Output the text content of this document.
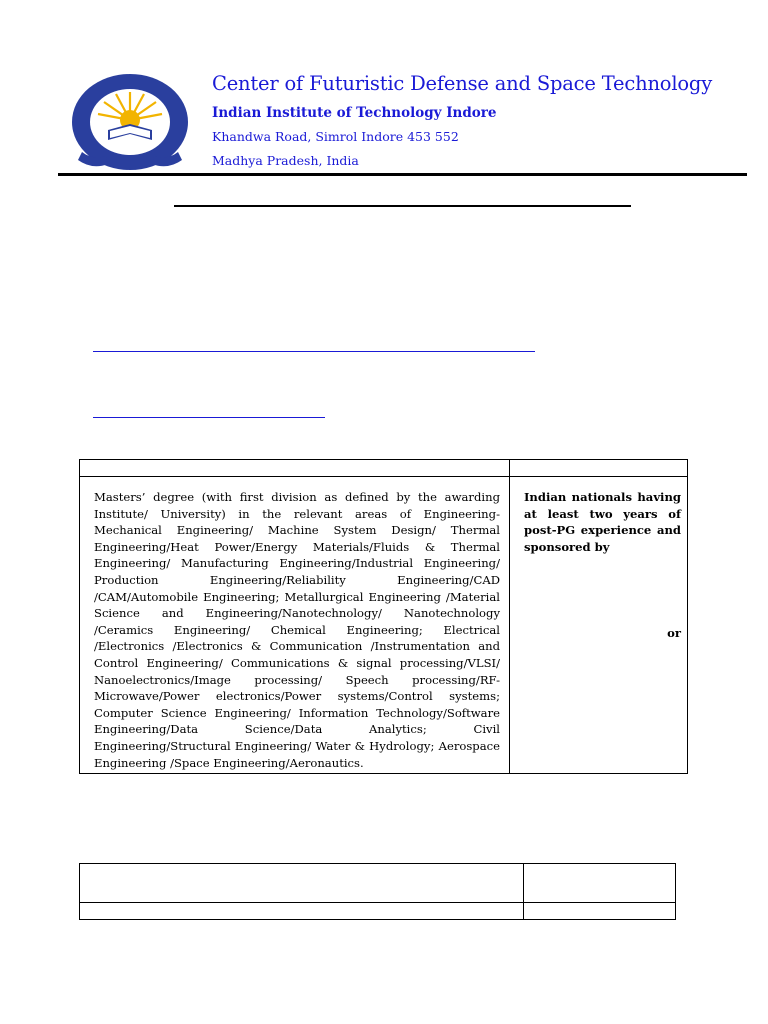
Center of Futuristic Defense and Space Technology
Indian Institute of Technology Indore
Khandwa Road, Simrol Indore 453 552
Madhya Pradesh, India

Masters’ degree (with first division as defined by the awarding Institute/ University) in the relevant areas of Engineering- Mechanical Engineering/ Machine System Design/ Thermal Engineering/Heat Power/Energy Materials/Fluids & Thermal Engineering/ Manufacturing Engineering/Industrial Engineering/ Production Engineering/Reliability Engineering/CAD /CAM/Automobile Engineering; Metallurgical Engineering /Material Science and Engineering/Nanotechnology/ Nanotechnology /Ceramics Engineering/ Chemical Engineering; Electrical /Electronics /Electronics & Communication /Instrumentation and Control Engineering/ Communications & signal processing/VLSI/ Nanoelectronics/Image processing/ Speech processing/RF-Microwave/Power electronics/Power systems/Control systems; Computer Science Engineering/ Information Technology/Software Engineering/Data Science/Data Analytics; Civil Engineering/Structural Engineering/ Water & Hydrology; Aerospace Engineering /Space Engineering/Aeronautics.	Indian nationals having at least two years of post-PG experience and sponsored by
or
